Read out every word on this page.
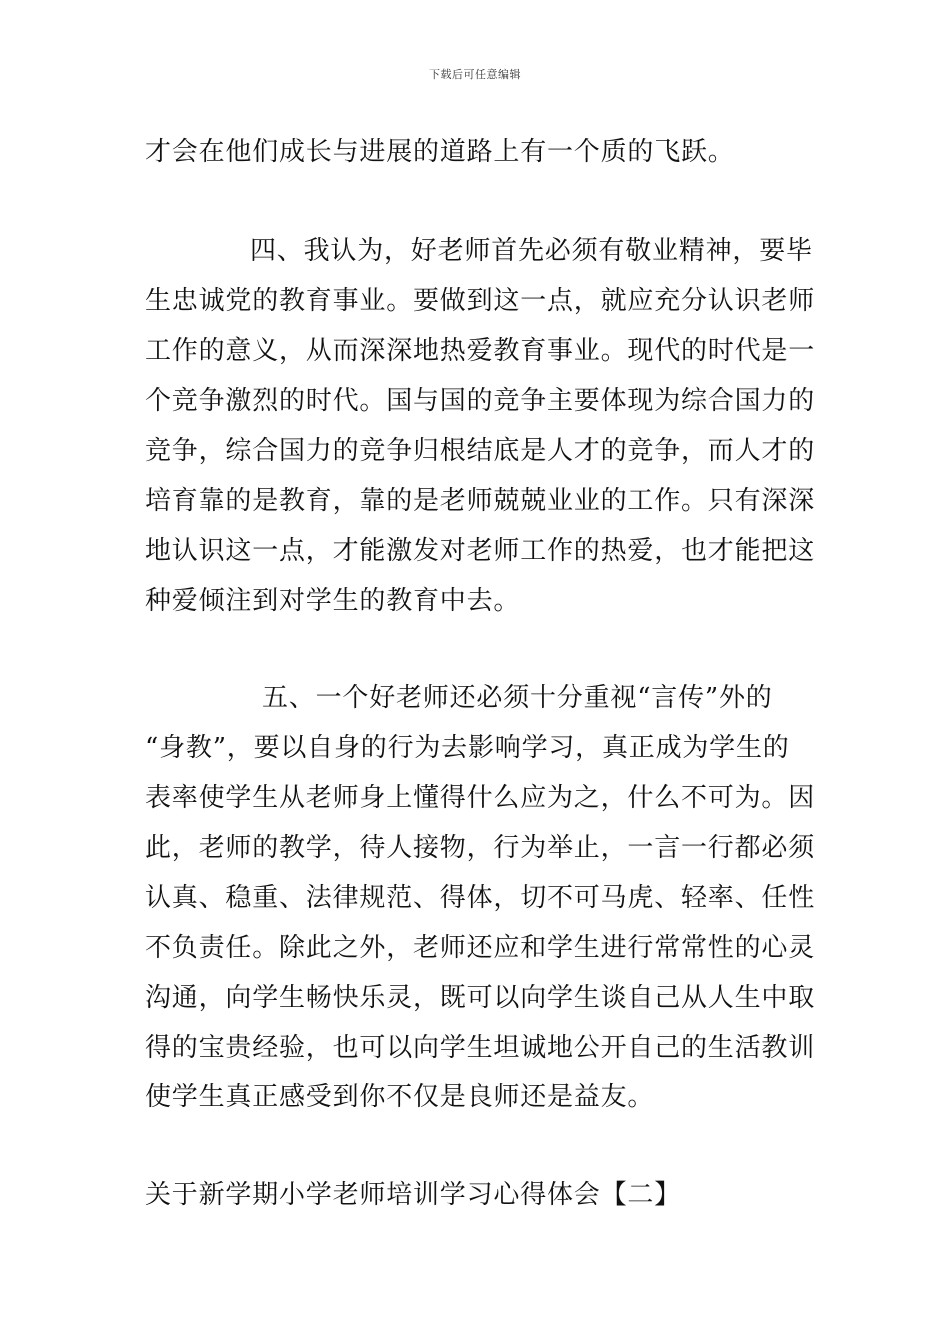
下载后可任意编辑
才会在他们成长与进展的道路上有一个质的飞跃。
四、我认为，好老师首先必须有敬业精神，要毕
生忠诚党的教育事业。要做到这一点，就应充分认识老师
工作的意义，从而深深地热爱教育事业。现代的时代是一
个竞争激烈的时代。国与国的竞争主要体现为综合国力的
竞争，综合国力的竞争归根结底是人才的竞争，而人才的
培育靠的是教育，靠的是老师兢兢业业的工作。只有深深
地认识这一点，才能激发对老师工作的热爱，也才能把这
种爱倾注到对学生的教育中去。
五、一个好老师还必须十分重视“言传”外的
“身教”，要以自身的行为去影响学习，真正成为学生的
表率使学生从老师身上懂得什么应为之，什么不可为。因
此，老师的教学，待人接物，行为举止，一言一行都必须
认真、稳重、法律规范、得体，切不可马虎、轻率、任性
不负责任。除此之外，老师还应和学生进行常常性的心灵
沟通，向学生畅快乐灵，既可以向学生谈自己从人生中取
得的宝贵经验，也可以向学生坦诚地公开自己的生活教训
使学生真正感受到你不仅是良师还是益友。
关于新学期小学老师培训学习心得体会【二】
